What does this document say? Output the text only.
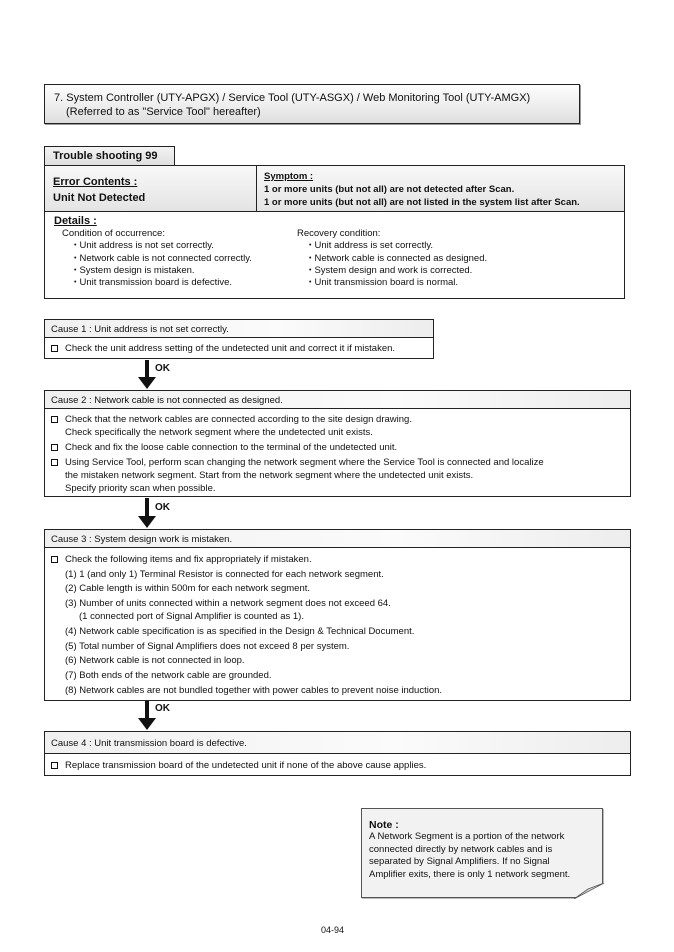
7. System Controller (UTY-APGX) / Service Tool (UTY-ASGX) / Web Monitoring Tool (UTY-AMGX)
(Referred to as "Service Tool" hereafter)
Trouble shooting 99
Error Contents :
Unit Not Detected
Symptom :
1 or more units (but not all) are not detected after Scan.
1 or more units (but not all) are not listed in the system list after Scan.
Details :
Condition of occurrence:
• Unit address is not set correctly.
• Network cable is not connected correctly.
• System design is mistaken.
• Unit transmission board is defective.
Recovery condition:
• Unit address is set correctly.
• Network cable is connected as designed.
• System design and work is corrected.
• Unit transmission board is normal.
Cause 1 : Unit address is not set correctly.
Check the unit address setting of the undetected unit and correct it if mistaken.
OK
Cause 2 : Network cable is not connected as designed.
Check that the network cables are connected according to the site design drawing.
Check specifically the network segment where the undetected unit exists.
Check and fix the loose cable connection to the terminal of the undetected unit.
Using Service Tool, perform scan changing the network segment where the Service Tool is connected and localize
the mistaken network segment. Start from the network segment where the undetected unit exists.
Specify priority scan when possible.
OK
Cause 3 : System design work is mistaken.
Check the following items and fix appropriately if mistaken.
(1) 1 (and only 1) Terminal Resistor is connected for each network segment.
(2) Cable length is within 500m for each network segment.
(3) Number of units connected within a network segment does not exceed 64.
(1 connected port of Signal Amplifier is counted as 1).
(4) Network cable specification is as specified in the Design & Technical Document.
(5) Total number of Signal Amplifiers does not exceed 8 per system.
(6) Network cable is not connected in loop.
(7) Both ends of the network cable are grounded.
(8) Network cables are not bundled together with power cables to prevent noise induction.
OK
Cause 4 : Unit transmission board is defective.
Replace transmission board of the undetected unit if none of the above cause applies.
Note :
A Network Segment is a portion of the network
connected directly by network cables and is
separated by Signal Amplifiers. If no Signal
Amplifier exits, there is only 1 network segment.
04-94
